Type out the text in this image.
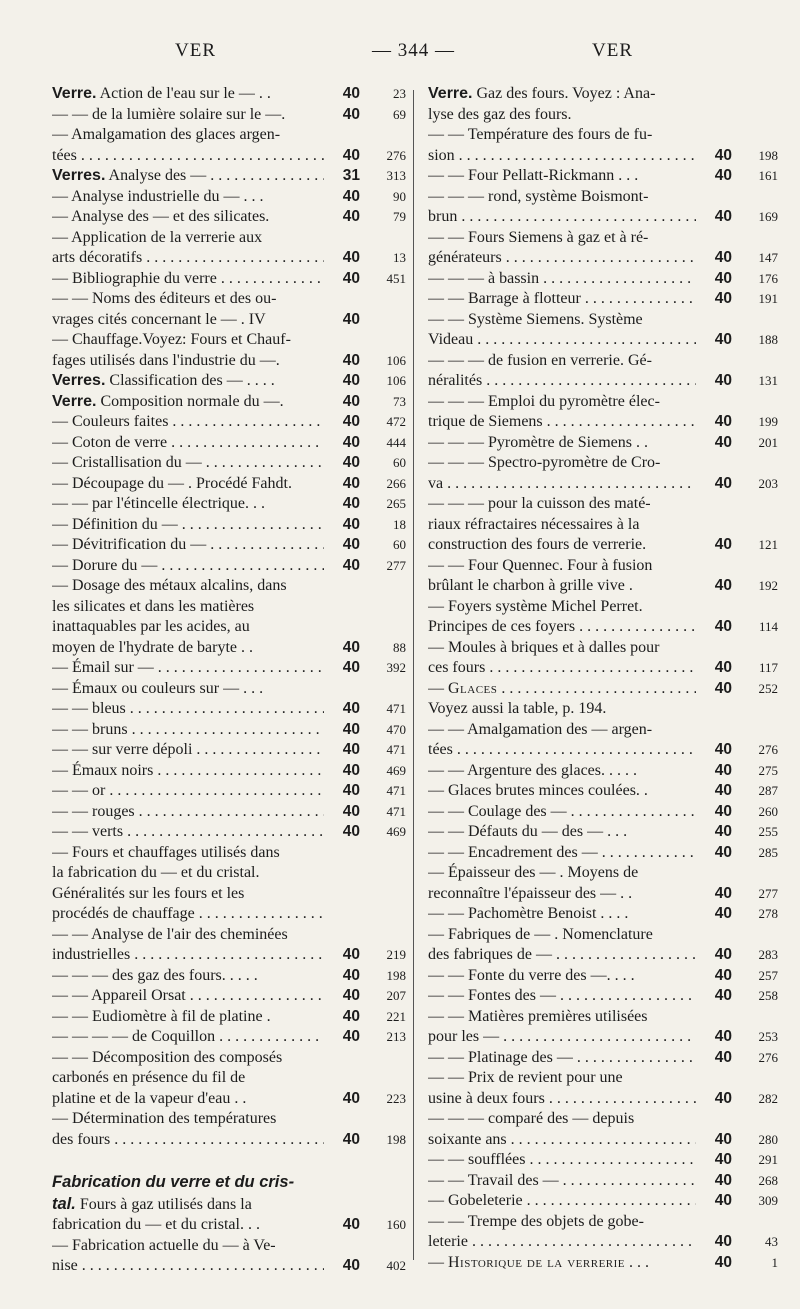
VER	— 344 —	VER
Verre. Action de l'eau sur le — . .	40	23
— — de la lumière solaire sur le —.	40	69
— Amalgamation des glaces argen-
tées . . .	40	276
Verres. Analyse des — . . .	31	313
— Analyse industrielle du — . . .	40	90
— Analyse des — et des silicates.	40	79
— Application de la verrerie aux
arts décoratifs . . .	40	13
— Bibliographie du verre . . .	40	451
— — Noms des éditeurs et des ou-
vrages cités concernant le — . IV	40
— Chauffage.Voyez: Fours et Chauf-
fages utilisés dans l'industrie du —.	40	106
Verres. Classification des — . . . .	40	106
Verre. Composition normale du —.	40	73
— Couleurs faites . . .	40	472
— Coton de verre . . .	40	444
— Cristallisation du — . . .	40	60
— Découpage du — . Procédé Fahdt.	40	266
— — par l'étincelle électrique. . .	40	265
— Définition du — . . .	40	18
— Dévitrification du — . . .	40	60
— Dorure du — . . .	40	277
— Dosage des métaux alcalins, dans
les silicates et dans les matières
inattaquables par les acides, au
moyen de l'hydrate de baryte . .	40	88
— Émail sur — . . .	40	392
— Émaux ou couleurs sur — . . .
— — bleus . . .	40	471
— — bruns . . .	40	470
— — sur verre dépoli . . .	40	471
— Émaux noirs . . .	40	469
— — or . . .	40	471
— — rouges . . .	40	471
— — verts . . .	40	469
— Fours et chauffages utilisés dans
la fabrication du — et du cristal.
Généralités sur les fours et les
procédés de chauffage . . .
— — Analyse de l'air des cheminées
industrielles . . .	40	219
— — — des gaz des fours. . . . .	40	198
— — Appareil Orsat . . .	40	207
— — Eudiomètre à fil de platine .	40	221
— — — — de Coquillon . . .	40	213
— — Décomposition des composés
carbonés en présence du fil de
platine et de la vapeur d'eau . .	40	223
— Détermination des températures
des fours . . .	40	198
Fabrication du verre et du cris-
tal. Fours à gaz utilisés dans la
fabrication du — et du cristal. . .	40	160
— Fabrication actuelle du — à Ve-
nise . . .	40	402
Verre. Gaz des fours. Voyez : Ana-
lyse des gaz des fours.
— — Température des fours de fu-
sion . . .	40	198
— — Four Pellatt-Rickmann . . .	40	161
— — — rond, système Boismont-
brun . . .	40	169
— — Fours Siemens à gaz et à ré-
générateurs . . .	40	147
— — — à bassin . . .	40	176
— — Barrage à flotteur . . .	40	191
— — Système Siemens. Système
Videau . . .	40	188
— — — de fusion en verrerie. Gé-
néralités . . .	40	131
— — — Emploi du pyromètre élec-
trique de Siemens . . .	40	199
— — — Pyromètre de Siemens . .	40	201
— — — Spectro-pyromètre de Cro-
va . . .	40	203
— — — pour la cuisson des maté-
riaux réfractaires nécessaires à la
construction des fours de verrerie.	40	121
— — Four Quennec. Four à fusion
brûlant le charbon à grille vive .	40	192
— Foyers système Michel Perret.
Principes de ces foyers . . .	40	114
— Moules à briques et à dalles pour
ces fours . . .	40	117
— Glaces . . .	40	252
Voyez aussi la table, p. 194.
— — Amalgamation des — argen-
tées . . .	40	276
— — Argenture des glaces. . . . .	40	275
— Glaces brutes minces coulées. .	40	287
— — Coulage des — . . .	40	260
— — Défauts du — des — . . .	40	255
— — Encadrement des — . . .	40	285
— Épaisseur des — . Moyens de
reconnaître l'épaisseur des — . .	40	277
— — Pachomètre Benoist . . . .	40	278
— Fabriques de — . Nomenclature
des fabriques de — . . .	40	283
— — Fonte du verre des —. . . .	40	257
— — Fontes des — . . .	40	258
— — Matières premières utilisées
pour les — . . .	40	253
— — Platinage des — . . .	40	276
— — Prix de revient pour une
usine à deux fours . . .	40	282
— — — comparé des — depuis
soixante ans . . .	40	280
— — soufflées . . .	40	291
— — Travail des — . . .	40	268
— Gobeleterie . . .	40	309
— — Trempe des objets de gobe-
leterie . . .	40	43
— Historique de la verrerie . . .	40	1
